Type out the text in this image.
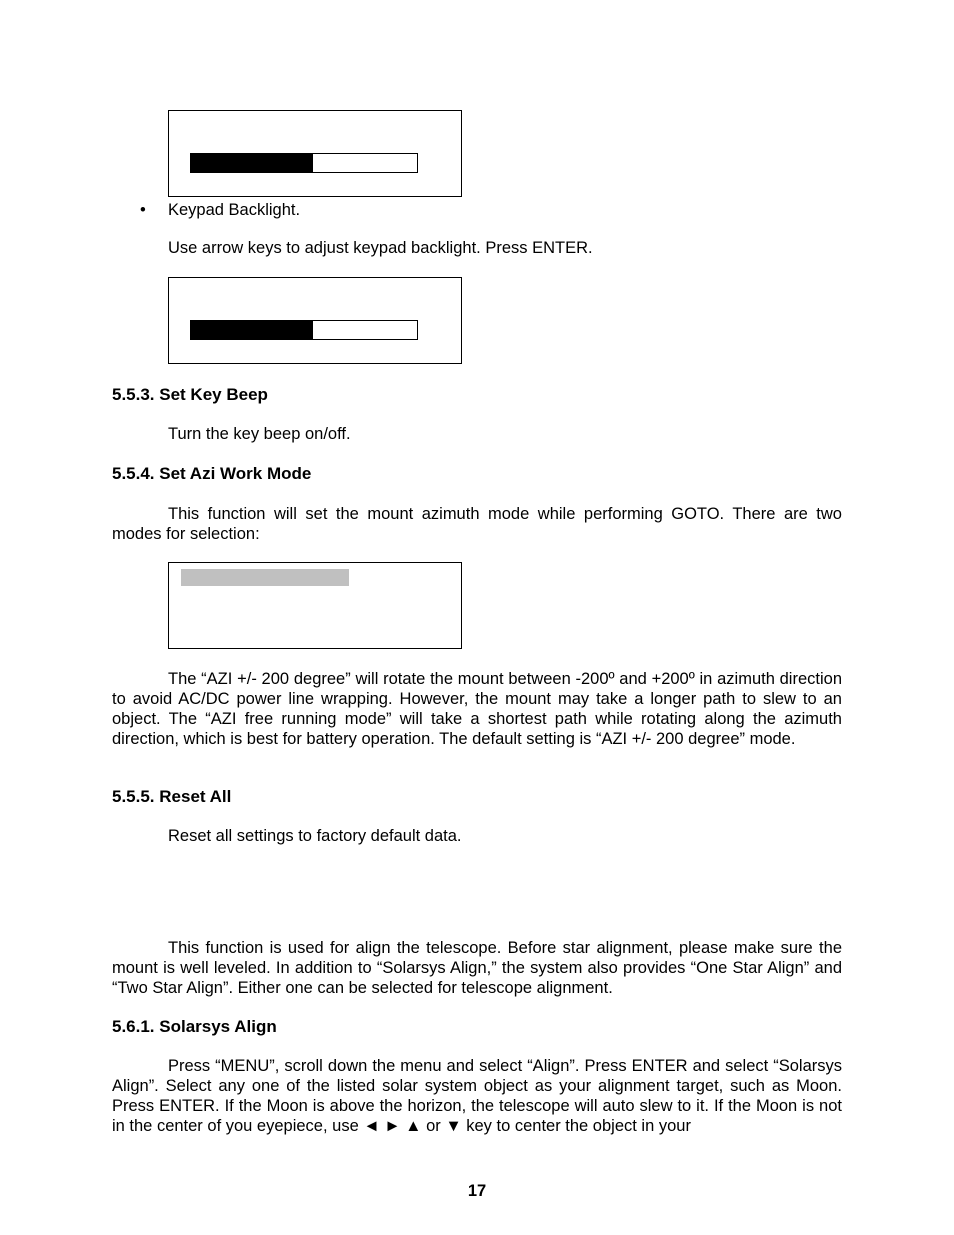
• Keypad Backlight.
Use arrow keys to adjust keypad backlight. Press ENTER.
5.5.3. Set Key Beep
Turn the key beep on/off.
5.5.4. Set Azi Work Mode
This function will set the mount azimuth mode while performing GOTO. There are two modes for selection:
The “AZI +/- 200 degree” will rotate the mount between -200º and +200º in azimuth direction to avoid AC/DC power line wrapping. However, the mount may take a longer path to slew to an object. The “AZI free running mode” will take a shortest path while rotating along the azimuth direction, which is best for battery operation. The default setting is “AZI +/- 200 degree” mode.
5.5.5. Reset All
Reset all settings to factory default data.
This function is used for align the telescope. Before star alignment, please make sure the mount is well leveled. In addition to “Solarsys Align,” the system also provides “One Star Align” and “Two Star Align”. Either one can be selected for telescope alignment.
5.6.1. Solarsys Align
Press “MENU”, scroll down the menu and select “Align”. Press ENTER and select “Solarsys Align”. Select any one of the listed solar system object as your alignment target, such as Moon. Press ENTER. If the Moon is above the horizon, the telescope will auto slew to it. If the Moon is not in the center of you eyepiece, use ◄ ► ▲ or ▼ key to center the object in your
17
